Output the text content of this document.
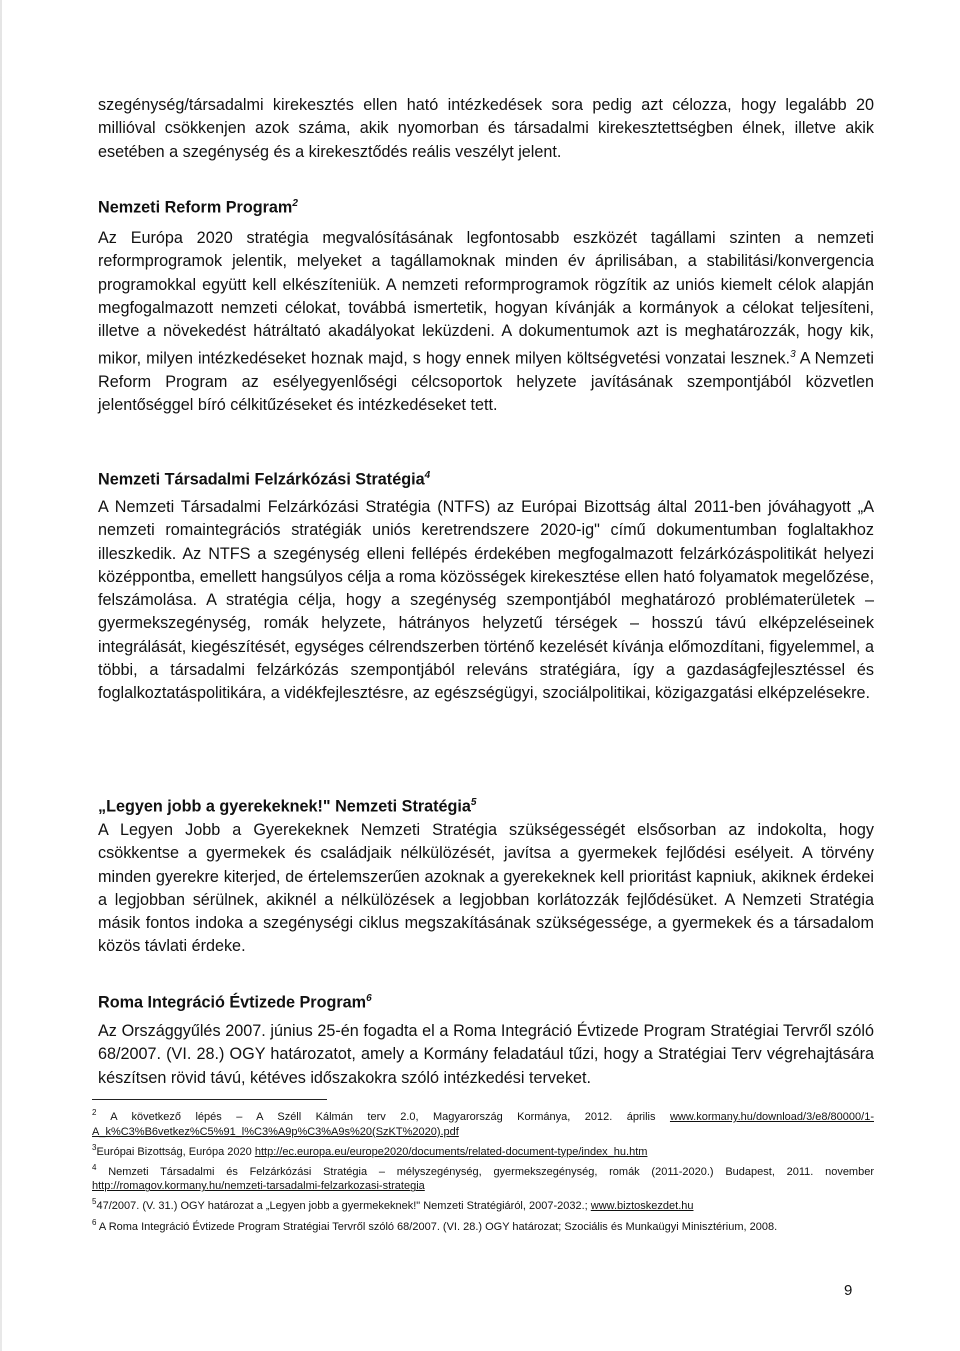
szegénység/társadalmi kirekesztés ellen ható intézkedések sora pedig azt célozza, hogy legalább 20 millióval csökkenjen azok száma, akik nyomorban és társadalmi kirekesztettségben élnek, illetve akik esetében a szegénység és a kirekesztődés reális veszélyt jelent.

Nemzeti Reform Program$^2$

Az Európa 2020 stratégia megvalósításának legfontosabb eszközét tagállami szinten a nemzeti reformprogramok jelentik, melyeket a tagállamoknak minden év áprilisában, a stabilitási/konvergencia programokkal együtt kell elkészíteniük. A nemzeti reformprogramok rögzítik az uniós kiemelt célok alapján megfogalmazott nemzeti célokat, továbbá ismertetik, hogyan kívánják a kormányok a célokat teljesíteni, illetve a növekedést hátráltató akadályokat leküzdeni. A dokumentumok azt is meghatározzák, hogy kik, mikor, milyen intézkedéseket hoznak majd, s hogy ennek milyen költségvetési vonzatai lesznek.$^3$ A Nemzeti Reform Program az esélyegyenlőségi célcsoportok helyzete javításának szempontjából közvetlen jelentőséggel bíró célkitűzéseket és intézkedéseket tett.

Nemzeti Társadalmi Felzárkózási Stratégia$^4$

A Nemzeti Társadalmi Felzárkózási Stratégia (NTFS) az Európai Bizottság által 2011-ben jóváhagyott „A nemzeti romaintegrációs stratégiák uniós keretrendszere 2020-ig" című dokumentumban foglaltakhoz illeszkedik. Az NTFS a szegénység elleni fellépés érdekében megfogalmazott felzárkózáspolitikát helyezi középpontba, emellett hangsúlyos célja a roma közösségek kirekesztése ellen ható folyamatok megelőzése, felszámolása. A stratégia célja, hogy a szegénység szempontjából meghatározó problématerületek – gyermekszegénység, romák helyzete, hátrányos helyzetű térségek – hosszú távú elképzeléseinek integrálását, kiegészítését, egységes célrendszerben történő kezelését kívánja előmozdítani, figyelemmel, a többi, a társadalmi felzárkózás szempontjából releváns stratégiára, így a gazdaságfejlesztéssel és foglalkoztatáspolitikára, a vidékfejlesztésre, az egészségügyi, szociálpolitikai, közigazgatási elképzelésekre.

„Legyen jobb a gyerekeknek!" Nemzeti Stratégia$^5$

A Legyen Jobb a Gyerekeknek Nemzeti Stratégia szükségességét elsősorban az indokolta, hogy csökkentse a gyermekek és családjaik nélkülözését, javítsa a gyermekek fejlődési esélyeit. A törvény minden gyerekre kiterjed, de értelemszerűen azoknak a gyerekeknek kell prioritást kapniuk, akiknek érdekei a legjobban sérülnek, akiknél a nélkülözések a legjobban korlátozzák fejlődésüket. A Nemzeti Stratégia másik fontos indoka a szegénységi ciklus megszakításának szükségessége, a gyermekek és a társadalom közös távlati érdeke.

Roma Integráció Évtizede Program$^6$

Az Országgyűlés 2007. június 25-én fogadta el a Roma Integráció Évtizede Program Stratégiai Tervről szóló 68/2007. (VI. 28.) OGY határozatot, amely a Kormány feladatául tűzi, hogy a Stratégiai Terv végrehajtására készítsen rövid távú, kétéves időszakokra szóló intézkedési terveket.

$^2$ A következő lépés – A Széll Kálmán terv 2.0, Magyarország Kormánya, 2012. április www.kormany.hu/download/3/e8/80000/1-A_k%C3%B6vetkez%C5%91_l%C3%A9p%C3%A9s%20(SzKT%2020).pdf

$^3$Európai Bizottság, Európa 2020 http://ec.europa.eu/europe2020/documents/related-document-type/index_hu.htm

$^4$ Nemzeti Társadalmi és Felzárkózási Stratégia – mélyszegénység, gyermekszegénység, romák (2011-2020.) Budapest, 2011. november http://romagov.kormany.hu/nemzeti-tarsadalmi-felzarkozasi-strategia

$^5$47/2007. (V. 31.) OGY határozat a „Legyen jobb a gyermekeknek!" Nemzeti Stratégiáról, 2007-2032.; www.biztoskezdet.hu

$^6$ A Roma Integráció Évtizede Program Stratégiai Tervről szóló 68/2007. (VI. 28.) OGY határozat; Szociális és Munkaügyi Minisztérium, 2008.

9
